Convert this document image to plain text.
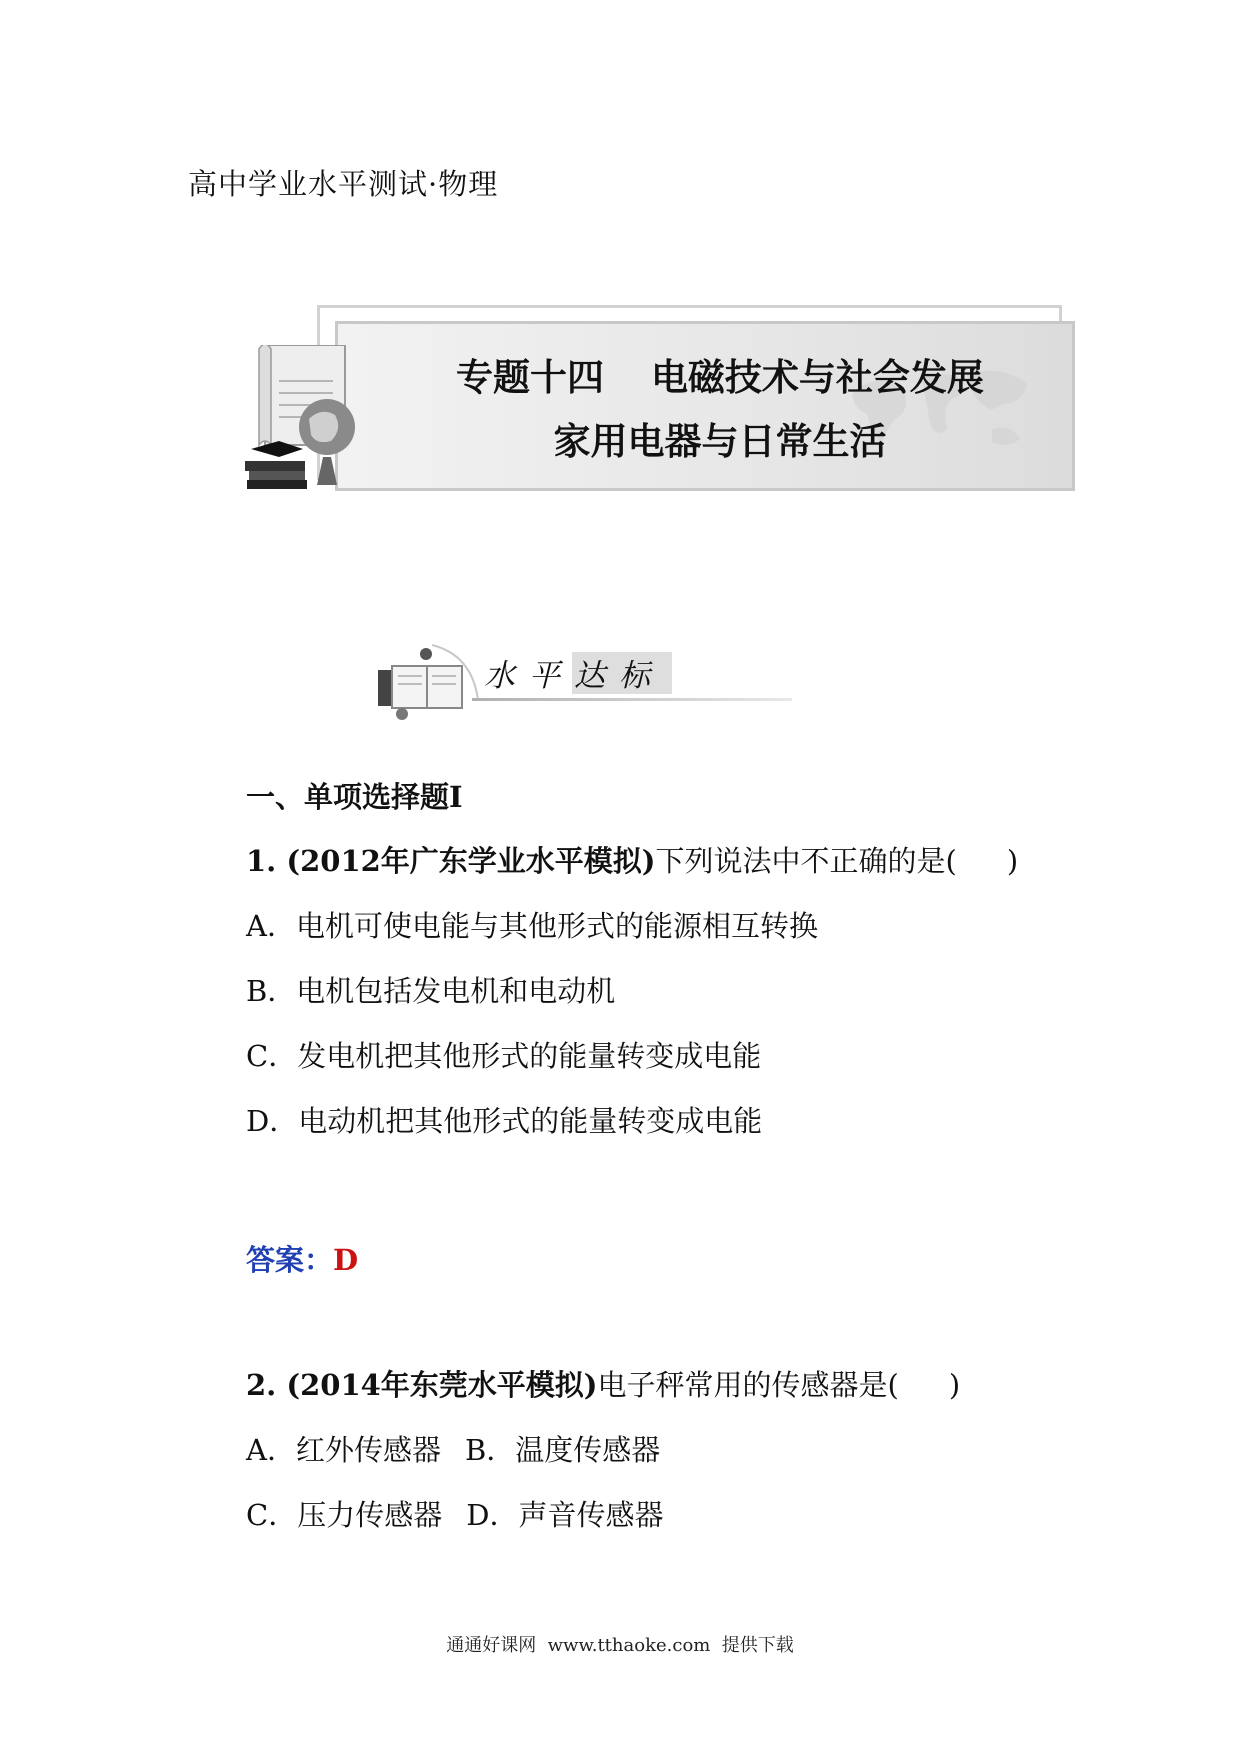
高中学业水平测试·物理
专题十四 电磁技术与社会发展
家用电器与日常生活
水平达标
一、单项选择题Ⅰ
1. (2012年广东学业水平模拟)下列说法中不正确的是( )
A．电机可使电能与其他形式的能源相互转换
B．电机包括发电机和电动机
C．发电机把其他形式的能量转变成电能
D．电动机把其他形式的能量转变成电能
答案：D
2. (2014年东莞水平模拟)电子秤常用的传感器是( )
A．红外传感器 B．温度传感器
C．压力传感器 D．声音传感器
通通好课网  www.tthaoke.com  提供下载
